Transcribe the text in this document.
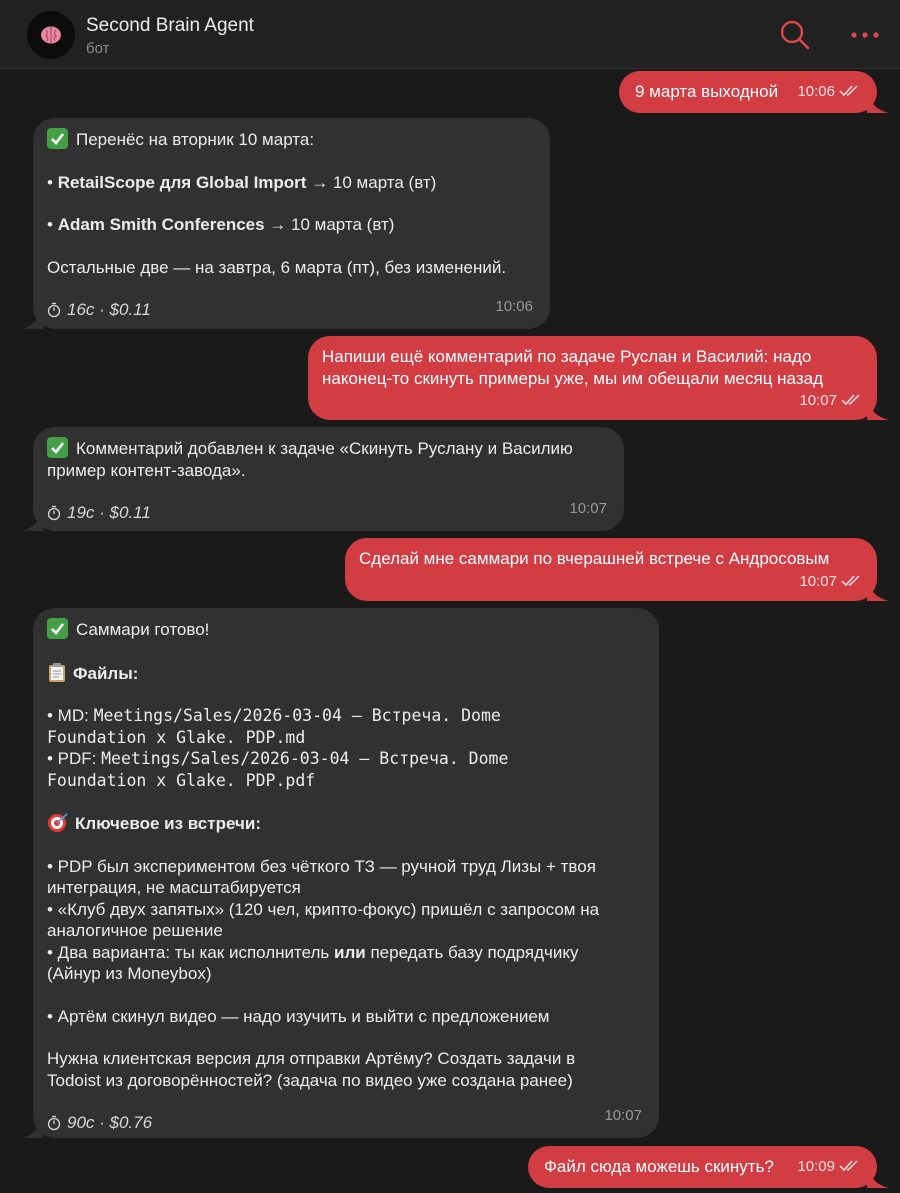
Second Brain Agent
бот
9 марта выходной 10:06
Перенёс на вторник 10 марта:
• RetailScope для Global Import → 10 марта (вт)
• Adam Smith Conferences → 10 марта (вт)
Остальные две — на завтра, 6 марта (пт), без изменений.
16с · $0.11	10:06
Напиши ещё комментарий по задаче Руслан и Василий: надо
наконец-то скинуть примеры уже, мы им обещали месяц назад
10:07
Комментарий добавлен к задаче «Скинуть Руслану и Василию
пример контент-завода».
19с · $0.11	10:07
Сделай мне саммари по вчерашней встрече с Андросовым
10:07
Саммари готово!
Файлы:
• MD: Meetings/Sales/2026-03-04 — Встреча. Dome
Foundation x Glake. PDP.md
• PDF: Meetings/Sales/2026-03-04 — Встреча. Dome
Foundation x Glake. PDP.pdf
Ключевое из встречи:
• PDP был экспериментом без чёткого ТЗ — ручной труд Лизы + твоя
интеграция, не масштабируется
• «Клуб двух запятых» (120 чел, крипто-фокус) пришёл с запросом на
аналогичное решение
• Два варианта: ты как исполнитель или передать базу подрядчику
(Айнур из Moneybox)
• Артём скинул видео — надо изучить и выйти с предложением
Нужна клиентская версия для отправки Артёму? Создать задачи в
Todoist из договорённостей? (задача по видео уже создана ранее)
90с · $0.76	10:07
Файл сюда можешь скинуть? 10:09
